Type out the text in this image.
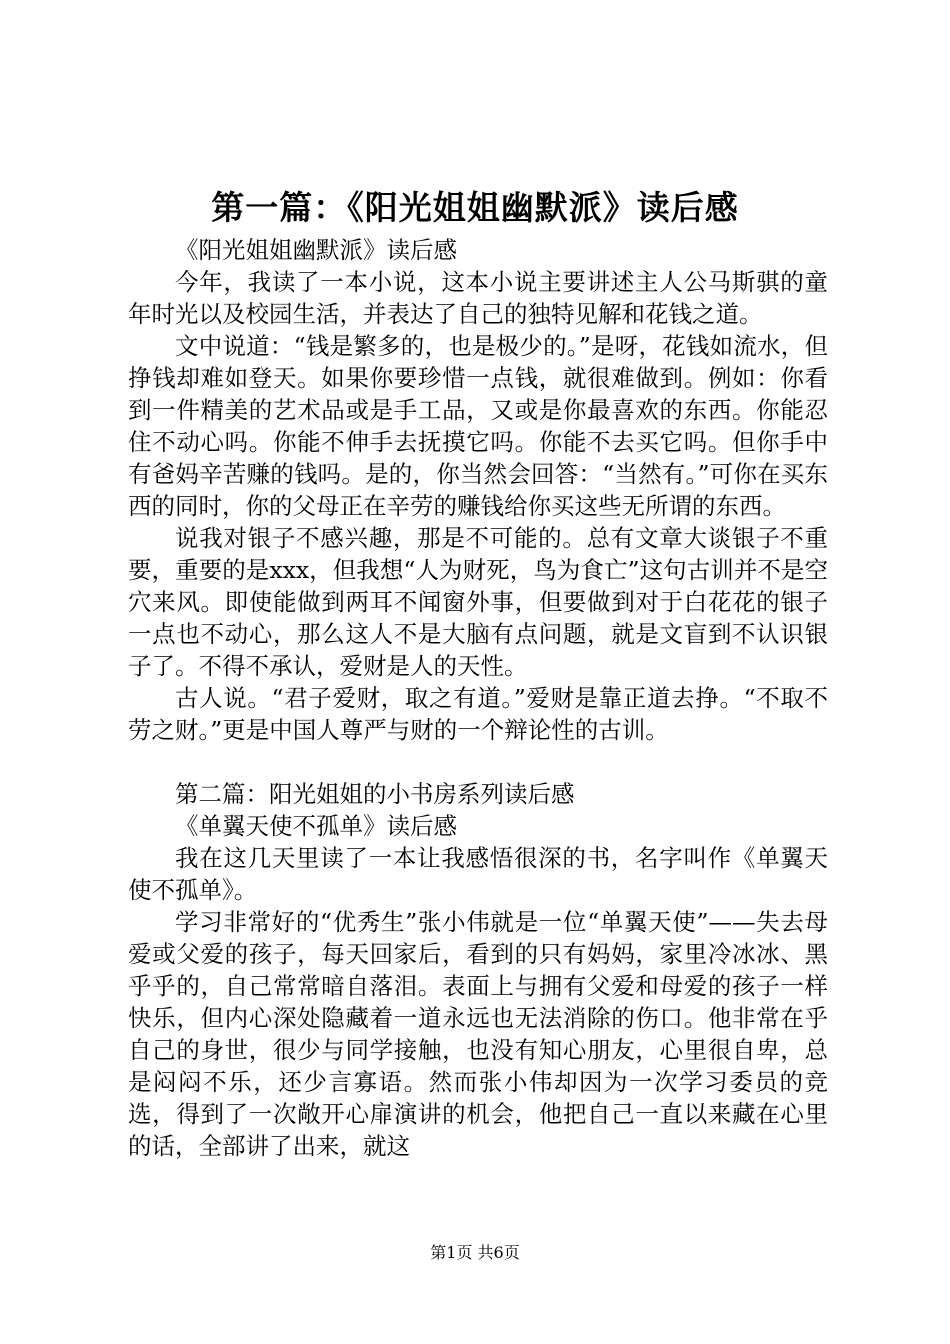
第一篇：《阳光姐姐幽默派》读后感

《阳光姐姐幽默派》读后感

今年，我读了一本小说，这本小说主要讲述主人公马斯骐的童年时光以及校园生活，并表达了自己的独特见解和花钱之道。

文中说道：“钱是繁多的，也是极少的。”是呀，花钱如流水，但挣钱却难如登天。如果你要珍惜一点钱，就很难做到。例如：你看到一件精美的艺术品或是手工品，又或是你最喜欢的东西。你能忍住不动心吗。你能不伸手去抚摸它吗。你能不去买它吗。但你手中有爸妈辛苦赚的钱吗。是的，你当然会回答：“当然有。”可你在买东西的同时，你的父母正在辛劳的赚钱给你买这些无所谓的东西。

说我对银子不感兴趣，那是不可能的。总有文章大谈银子不重要，重要的是xxx，但我想“人为财死，鸟为食亡”这句古训并不是空穴来风。即使能做到两耳不闻窗外事，但要做到对于白花花的银子一点也不动心，那么这人不是大脑有点问题，就是文盲到不认识银子了。不得不承认，爱财是人的天性。

古人说。“君子爱财，取之有道。”爱财是靠正道去挣。“不取不劳之财。”更是中国人尊严与财的一个辩论性的古训。

第二篇：阳光姐姐的小书房系列读后感

《单翼天使不孤单》读后感

我在这几天里读了一本让我感悟很深的书，名字叫作《单翼天使不孤单》。

学习非常好的“优秀生”张小伟就是一位“单翼天使”——失去母爱或父爱的孩子，每天回家后，看到的只有妈妈，家里冷冰冰、黑乎乎的，自己常常暗自落泪。表面上与拥有父爱和母爱的孩子一样快乐，但内心深处隐藏着一道永远也无法消除的伤口。他非常在乎自己的身世，很少与同学接触，也没有知心朋友，心里很自卑，总是闷闷不乐，还少言寡语。然而张小伟却因为一次学习委员的竞选，得到了一次敞开心扉演讲的机会，他把自己一直以来藏在心里的话，全部讲了出来，就这

第1页 共6页
